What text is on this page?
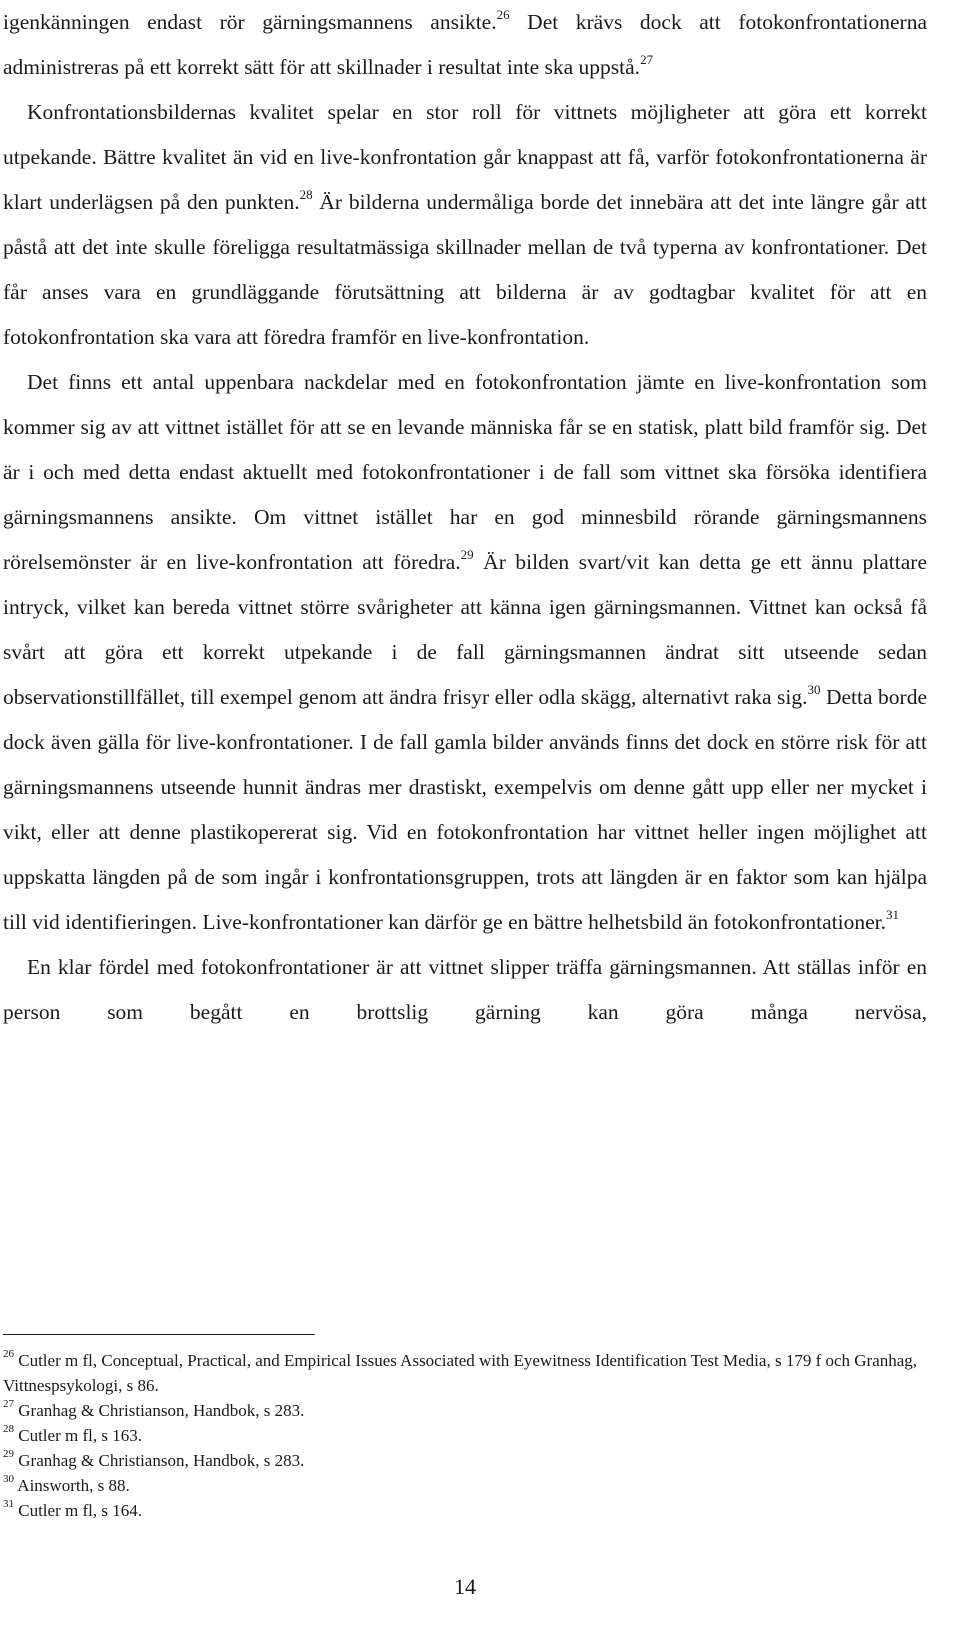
igenkänningen endast rör gärningsmannens ansikte.$^{26}$ Det krävs dock att fotokonfrontationerna administreras på ett korrekt sätt för att skillnader i resultat inte ska uppstå.$^{27}$

Konfrontationsbildernas kvalitet spelar en stor roll för vittnets möjligheter att göra ett korrekt utpekande. Bättre kvalitet än vid en live-konfrontation går knappast att få, varför fotokonfrontationerna är klart underlägsen på den punkten.$^{28}$ Är bilderna undermåliga borde det innebära att det inte längre går att påstå att det inte skulle föreligga resultatmässiga skillnader mellan de två typerna av konfrontationer. Det får anses vara en grundläggande förutsättning att bilderna är av godtagbar kvalitet för att en fotokonfrontation ska vara att föredra framför en live-konfrontation.

Det finns ett antal uppenbara nackdelar med en fotokonfrontation jämte en live-konfrontation som kommer sig av att vittnet istället för att se en levande människa får se en statisk, platt bild framför sig. Det är i och med detta endast aktuellt med fotokonfrontationer i de fall som vittnet ska försöka identifiera gärningsmannens ansikte. Om vittnet istället har en god minnesbild rörande gärningsmannens rörelsemönster är en live-konfrontation att föredra.$^{29}$ Är bilden svart/vit kan detta ge ett ännu plattare intryck, vilket kan bereda vittnet större svårigheter att känna igen gärningsmannen. Vittnet kan också få svårt att göra ett korrekt utpekande i de fall gärningsmannen ändrat sitt utseende sedan observationstillfället, till exempel genom att ändra frisyr eller odla skägg, alternativt raka sig.$^{30}$ Detta borde dock även gälla för live-konfrontationer. I de fall gamla bilder används finns det dock en större risk för att gärningsmannens utseende hunnit ändras mer drastiskt, exempelvis om denne gått upp eller ner mycket i vikt, eller att denne plastikopererat sig. Vid en fotokonfrontation har vittnet heller ingen möjlighet att uppskatta längden på de som ingår i konfrontationsgruppen, trots att längden är en faktor som kan hjälpa till vid identifieringen. Live-konfrontationer kan därför ge en bättre helhetsbild än fotokonfrontationer.$^{31}$

En klar fördel med fotokonfrontationer är att vittnet slipper träffa gärningsmannen. Att ställas inför en person som begått en brottslig gärning kan göra många nervösa,

$^{26}$ Cutler m fl, Conceptual, Practical, and Empirical Issues Associated with Eyewitness Identification Test Media, s 179 f och Granhag, Vittnespsykologi, s 86.
$^{27}$ Granhag & Christianson, Handbok, s 283.
$^{28}$ Cutler m fl, s 163.
$^{29}$ Granhag & Christianson, Handbok, s 283.
$^{30}$ Ainsworth, s 88.
$^{31}$ Cutler m fl, s 164.
14
